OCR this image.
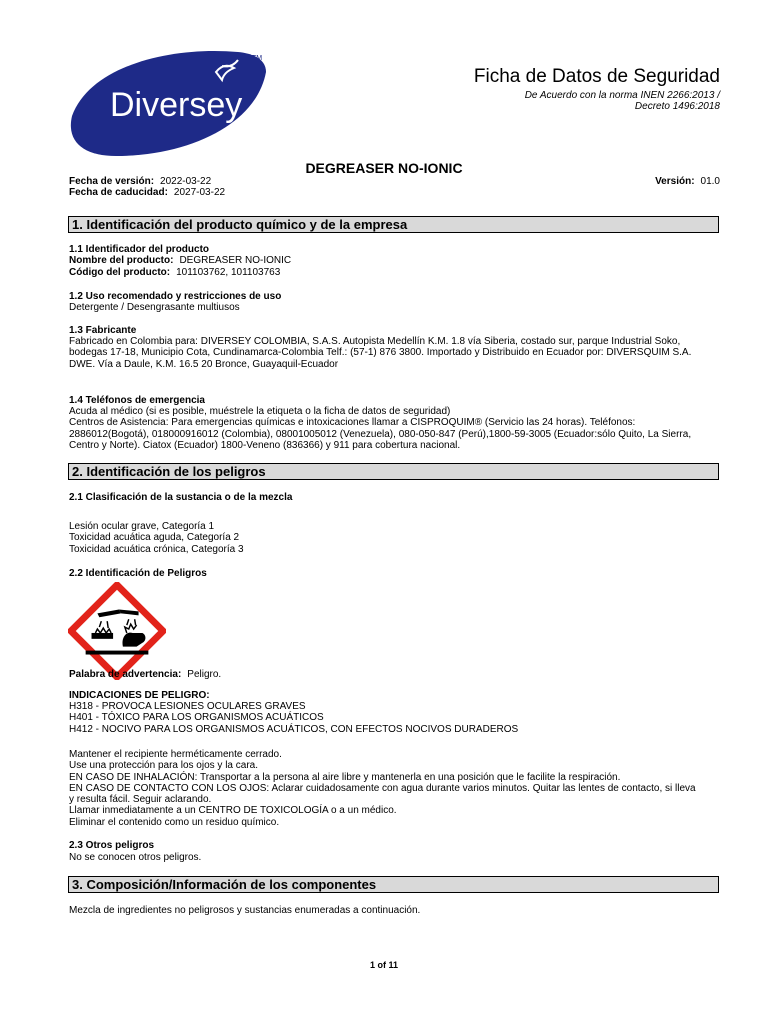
Diversey
TM
Ficha de Datos de Seguridad
De Acuerdo con la norma INEN 2266:2013 /
Decreto 1496:2018
DEGREASER NO-IONIC
Fecha de versión: 2022-03-22
Fecha de caducidad: 2027-03-22
Versión: 01.0
1. Identificación del producto químico y de la empresa
1.1 Identificador del producto
Nombre del producto: DEGREASER NO-IONIC
Código del producto: 101103762, 101103763
1.2 Uso recomendado y restricciones de uso
Detergente / Desengrasante multiusos
1.3 Fabricante

Fabricado en Colombia para: DIVERSEY COLOMBIA, S.A.S. Autopista Medellín K.M. 1.8 vía Siberia, costado sur, parque Industrial Soko,

bodegas 17-18, Municipio Cota, Cundinamarca-Colombia Telf.: (57-1) 876 3800. Importado y Distribuido en Ecuador por: DIVERSQUIM S.A.

DWE. Vía a Daule, K.M. 16.5 20 Bronce, Guayaquil-Ecuador

1.4 Teléfonos de emergencia

Acuda al médico (si es posible, muéstrele la etiqueta o la ficha de datos de seguridad)

Centros de Asistencia: Para emergencias químicas e intoxicaciones llamar a CISPROQUIM® (Servicio las 24 horas). Teléfonos:

2886012(Bogotá), 018000916012 (Colombia), 08001005012 (Venezuela), 080-050-847 (Perú),1800-59-3005 (Ecuador:sólo Quito, La Sierra,

Centro y Norte). Ciatox (Ecuador) 1800-Veneno (836366) y 911 para cobertura nacional.

2. Identificación de los peligros
2.1 Clasificación de la sustancia o de la mezcla

Lesión ocular grave, Categoría 1

Toxicidad acuática aguda, Categoría 2

Toxicidad acuática crónica, Categoría 3

2.2 Identificación de Peligros
Palabra de advertencia: Peligro.
INDICACIONES DE PELIGRO:

H318 - PROVOCA LESIONES OCULARES GRAVES

H401 - TÓXICO PARA LOS ORGANISMOS ACUÁTICOS

H412 - NOCIVO PARA LOS ORGANISMOS ACUÁTICOS, CON EFECTOS NOCIVOS DURADEROS

Mantener el recipiente herméticamente cerrado.

Use una protección para los ojos y la cara.

EN CASO DE INHALACIÓN: Transportar a la persona al aire libre y mantenerla en una posición que le facilite la respiración.

EN CASO DE CONTACTO CON LOS OJOS: Aclarar cuidadosamente con agua durante varios minutos. Quitar las lentes de contacto, si lleva

y resulta fácil. Seguir aclarando.

Llamar inmediatamente a un CENTRO DE TOXICOLOGÍA o a un médico.

Eliminar el contenido como un residuo químico.

2.3 Otros peligros
No se conocen otros peligros.
3. Composición/Información de los componentes
Mezcla de ingredientes no peligrosos y sustancias enumeradas a continuación.
1 of 11
